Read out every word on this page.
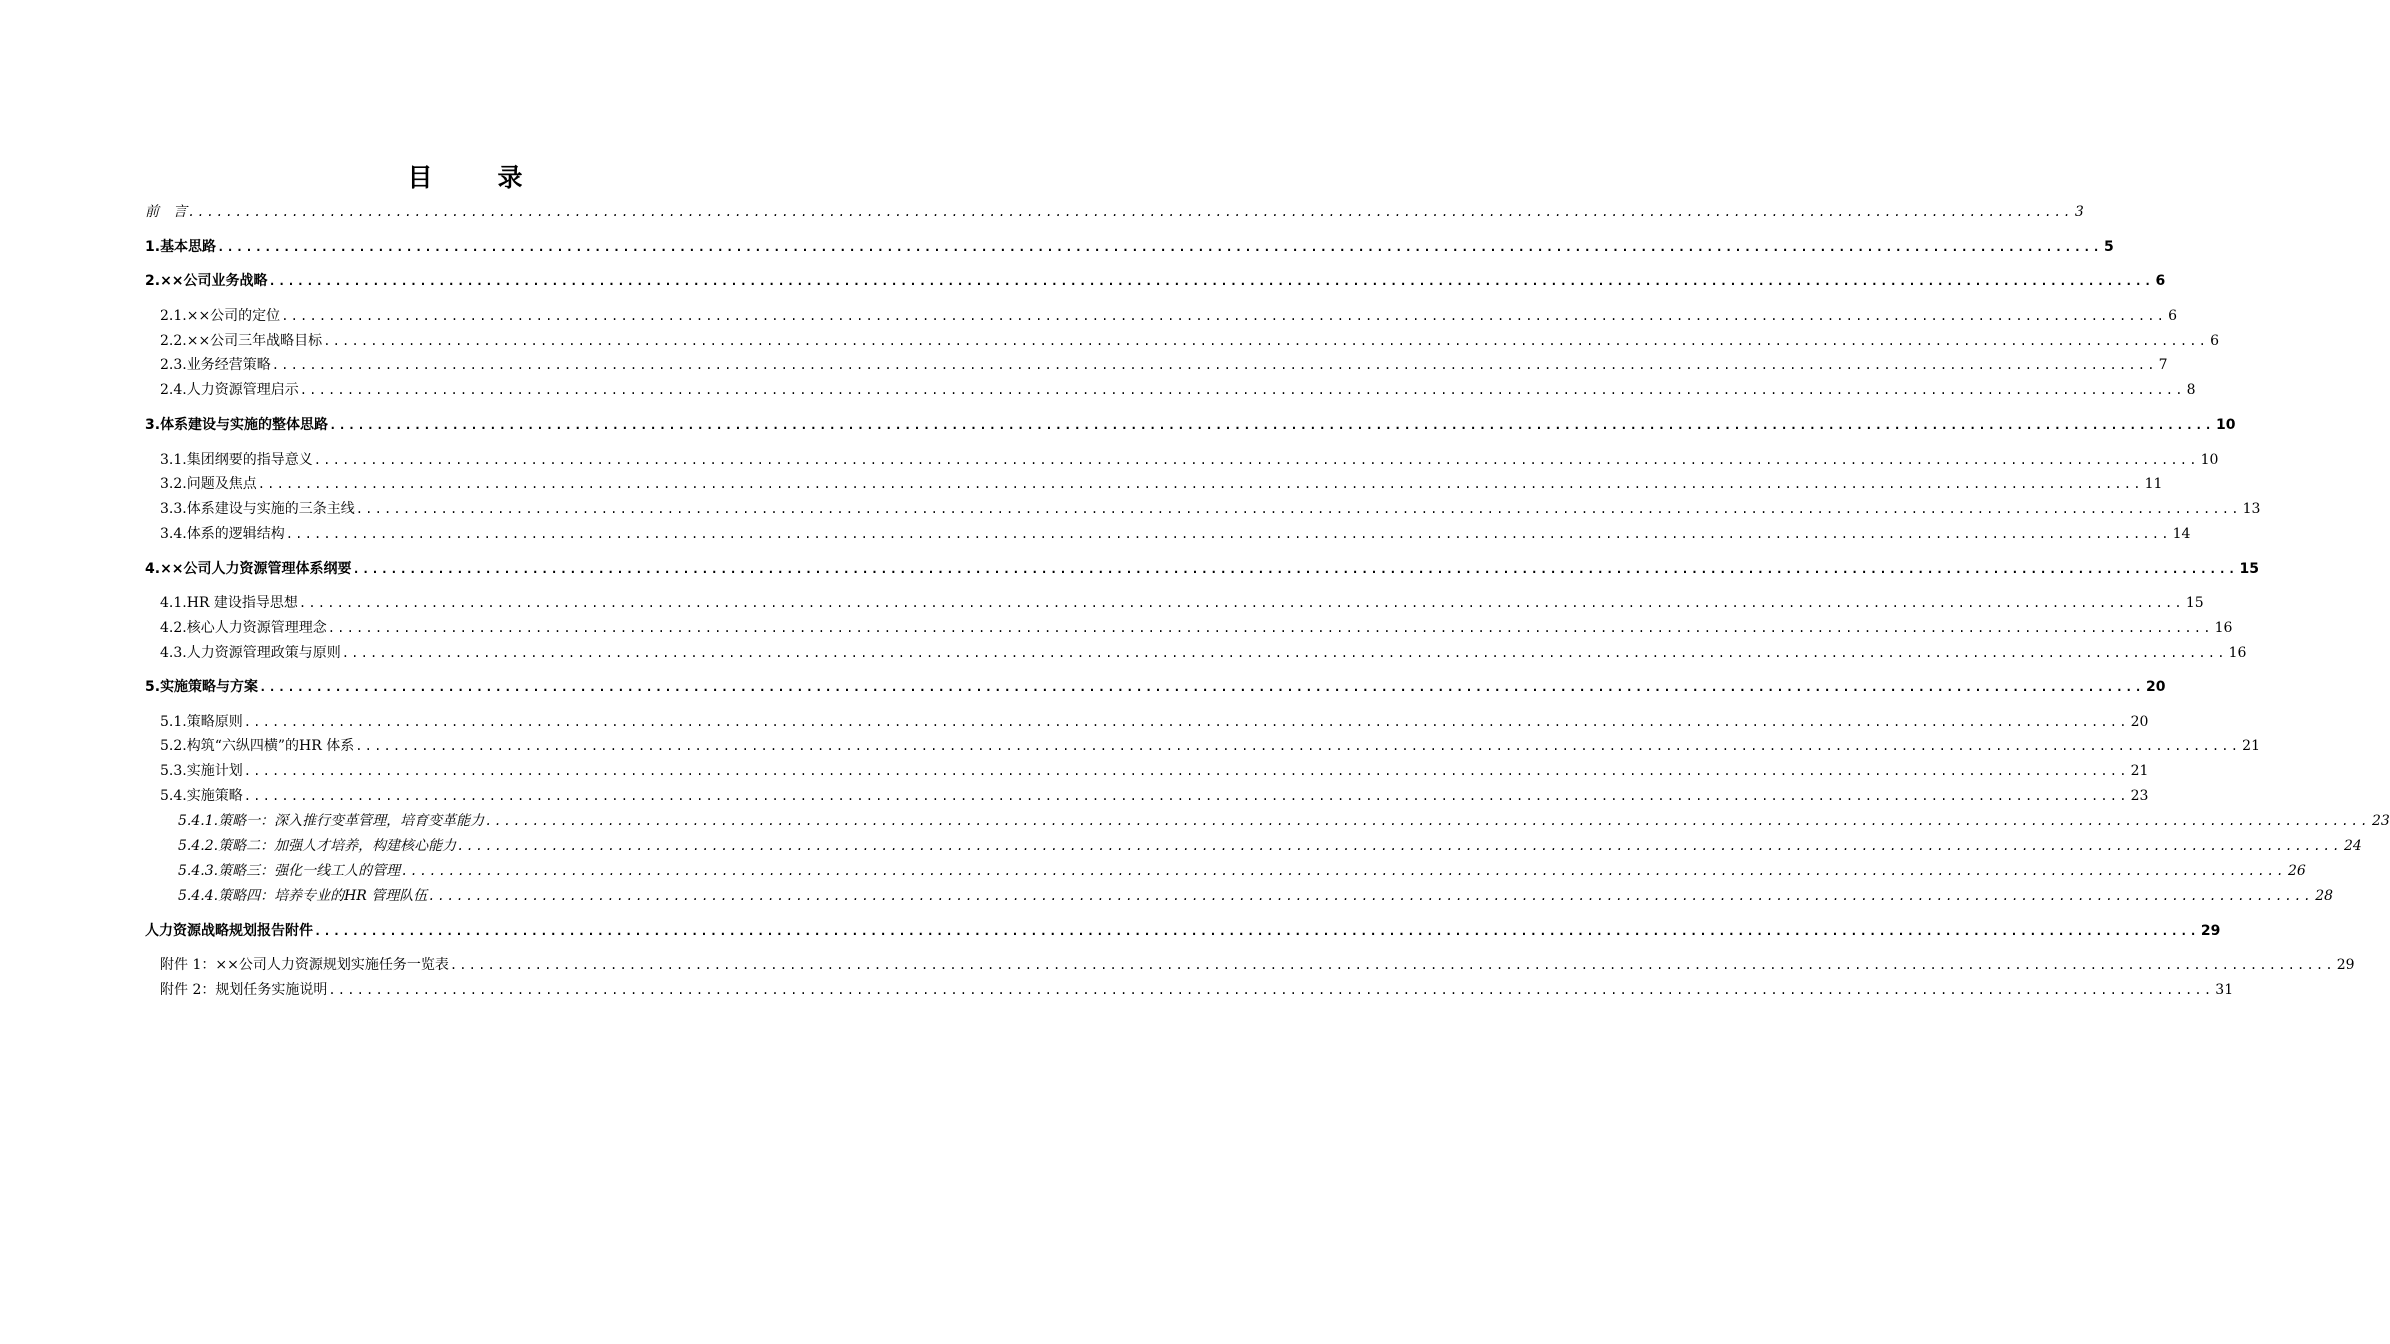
目　录
前　言 ........................................................................................................................................................................................................ 3
1. 基本思路 ........................................................................................................................................................................................................ 5
2. ××公司业务战略 ........................................................................................................................................................................................................ 6
2.1. ××公司的定位 ........................................................................................................................................................................................................ 6
2.2. ××公司三年战略目标 ........................................................................................................................................................................................................ 6
2.3. 业务经营策略 ........................................................................................................................................................................................................ 7
2.4. 人力资源管理启示 ........................................................................................................................................................................................................ 8
3. 体系建设与实施的整体思路 ........................................................................................................................................................................................................ 10
3.1. 集团纲要的指导意义 ........................................................................................................................................................................................................ 10
3.2. 问题及焦点 ........................................................................................................................................................................................................ 11
3.3. 体系建设与实施的三条主线 ........................................................................................................................................................................................................ 13
3.4. 体系的逻辑结构 ........................................................................................................................................................................................................ 14
4. ××公司人力资源管理体系纲要 ........................................................................................................................................................................................................ 15
4.1. HR 建设指导思想 ........................................................................................................................................................................................................ 15
4.2. 核心人力资源管理理念 ........................................................................................................................................................................................................ 16
4.3. 人力资源管理政策与原则 ........................................................................................................................................................................................................ 16
5. 实施策略与方案 ........................................................................................................................................................................................................ 20
5.1. 策略原则 ........................................................................................................................................................................................................ 20
5.2. 构筑“六纵四横”的HR 体系 ........................................................................................................................................................................................................ 21
5.3. 实施计划 ........................................................................................................................................................................................................ 21
5.4. 实施策略 ........................................................................................................................................................................................................ 23
5.4.1. 策略一：深入推行变革管理，培育变革能力 ........................................................................................................................................................................................................ 23
5.4.2. 策略二：加强人才培养，构建核心能力 ........................................................................................................................................................................................................ 24
5.4.3. 策略三：强化一线工人的管理 ........................................................................................................................................................................................................ 26
5.4.4. 策略四：培养专业的HR 管理队伍 ........................................................................................................................................................................................................ 28
人力资源战略规划报告附件 ........................................................................................................................................................................................................ 29
附件 1：××公司人力资源规划实施任务一览表 ........................................................................................................................................................................................................ 29
附件 2：规划任务实施说明 ........................................................................................................................................................................................................ 31
